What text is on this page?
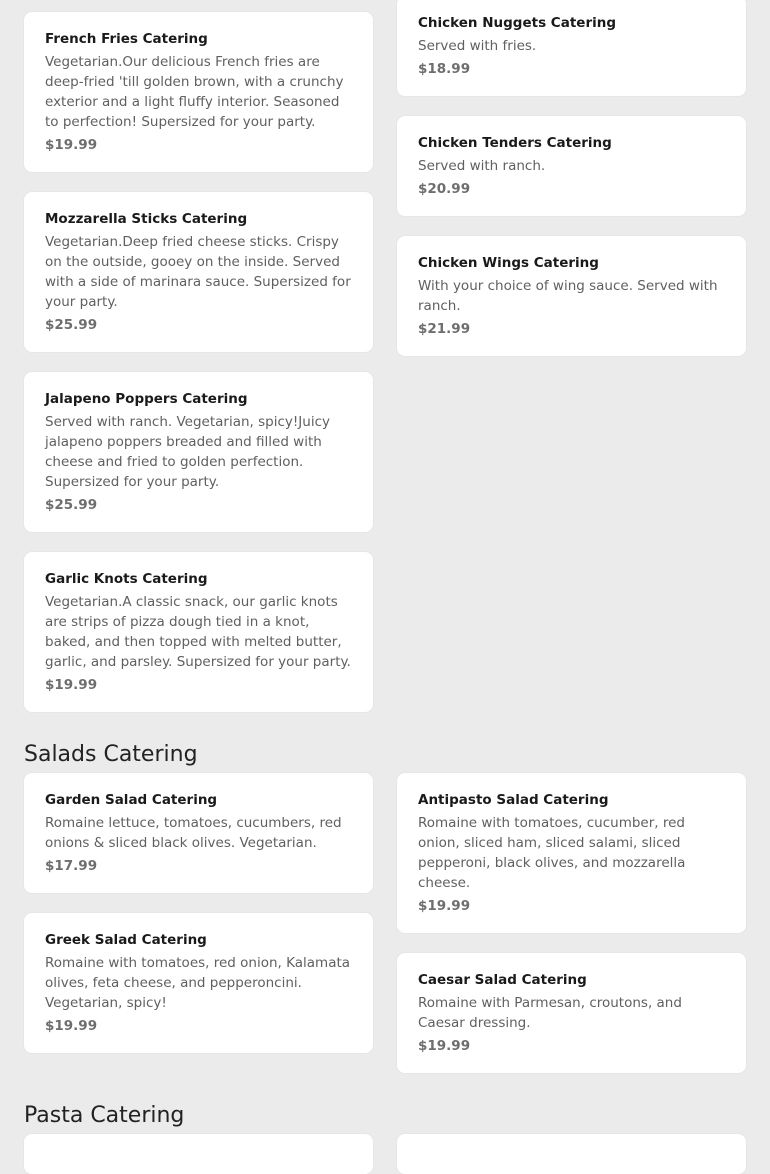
French Fries Catering
Vegetarian.Our delicious French fries are deep-fried 'till golden brown, with a crunchy exterior and a light fluffy interior. Seasoned to perfection! Supersized for your party.
$19.99
Mozzarella Sticks Catering
Vegetarian.Deep fried cheese sticks. Crispy on the outside, gooey on the inside. Served with a side of marinara sauce. Supersized for your party.
$25.99
Jalapeno Poppers Catering
Served with ranch. Vegetarian, spicy!Juicy jalapeno poppers breaded and filled with cheese and fried to golden perfection. Supersized for your party.
$25.99
Garlic Knots Catering
Vegetarian.A classic snack, our garlic knots are strips of pizza dough tied in a knot, baked, and then topped with melted butter, garlic, and parsley. Supersized for your party.
$19.99
Chicken Nuggets Catering
Served with fries.
$18.99
Chicken Tenders Catering
Served with ranch.
$20.99
Chicken Wings Catering
With your choice of wing sauce. Served with ranch.
$21.99
Salads Catering
Garden Salad Catering
Romaine lettuce, tomatoes, cucumbers, red onions & sliced black olives. Vegetarian.
$17.99
Greek Salad Catering
Romaine with tomatoes, red onion, Kalamata olives, feta cheese, and pepperoncini. Vegetarian, spicy!
$19.99
Antipasto Salad Catering
Romaine with tomatoes, cucumber, red onion, sliced ham, sliced salami, sliced pepperoni, black olives, and mozzarella cheese.
$19.99
Caesar Salad Catering
Romaine with Parmesan, croutons, and Caesar dressing.
$19.99
Pasta Catering
